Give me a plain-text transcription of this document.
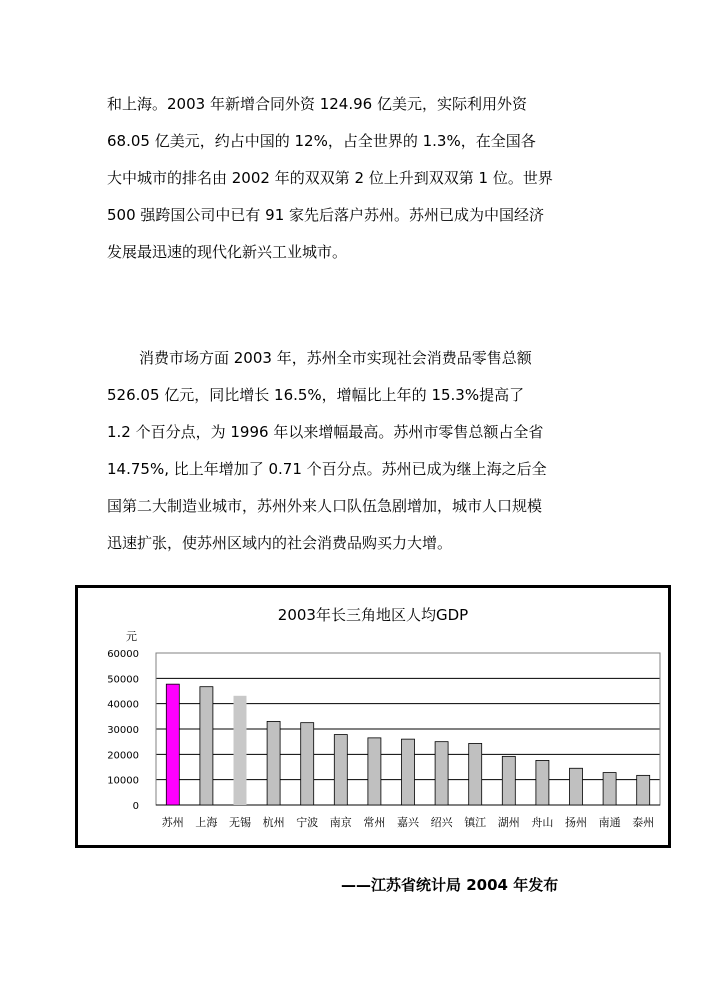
和上海。2003 年新增合同外资 124.96 亿美元，实际利用外资
68.05 亿美元，约占中国的 12%，占全世界的 1.3%，在全国各
大中城市的排名由 2002 年的双双第 2 位上升到双双第 1 位。世界
500 强跨国公司中已有 91 家先后落户苏州。苏州已成为中国经济
发展最迅速的现代化新兴工业城市。
消费市场方面 2003 年，苏州全市实现社会消费品零售总额
526.05 亿元，同比增长 16.5%，增幅比上年的 15.3%提高了
1.2 个百分点，为 1996 年以来增幅最高。苏州市零售总额占全省
14.75%, 比上年增加了 0.71 个百分点。苏州已成为继上海之后全
国第二大制造业城市，苏州外来人口队伍急剧增加，城市人口规模
迅速扩张，使苏州区域内的社会消费品购买力大增。
2003年长三角地区人均GDP
元
60000
50000
40000
30000
20000
10000
0
苏州 上海 无锡 杭州 宁波 南京 常州 嘉兴 绍兴 镇江 湖州 舟山 扬州 南通 泰州
——江苏省统计局 2004 年发布
